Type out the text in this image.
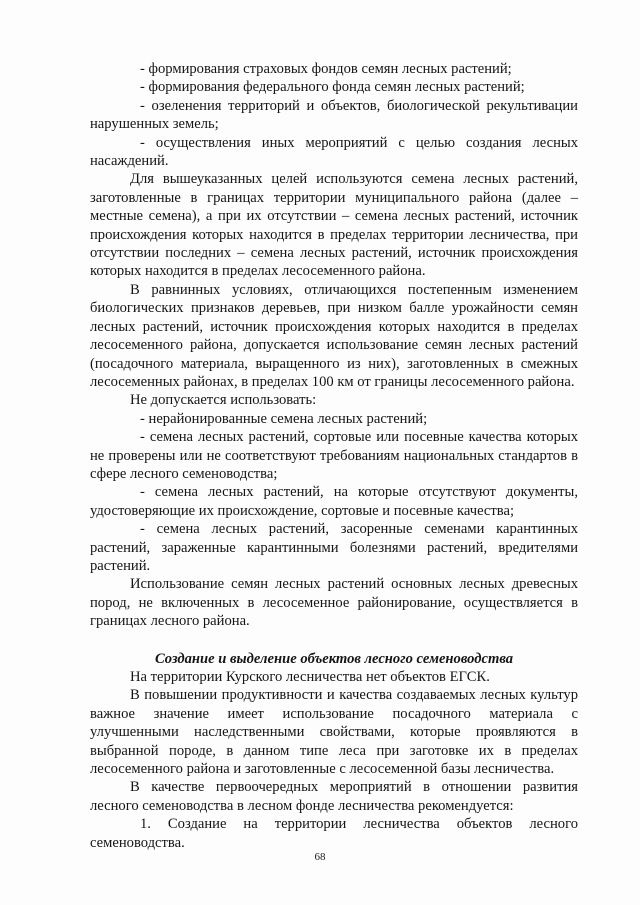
- формирования страховых фондов семян лесных растений;

- формирования федерального фонда семян лесных растений;

- озеленения территорий и объектов, биологической рекультивации нарушенных земель;

- осуществления иных мероприятий с целью создания лесных насаждений.

Для вышеуказанных целей используются семена лесных растений, заготовленные в границах территории муниципального района (далее – местные семена), а при их отсутствии – семена лесных растений, источник происхождения которых находится в пределах территории лесничества, при отсутствии последних – семена лесных растений, источник происхождения которых находится в пределах лесосеменного района.

В равнинных условиях, отличающихся постепенным изменением биологических признаков деревьев, при низком балле урожайности семян лесных растений, источник происхождения которых находится в пределах лесосеменного района, допускается использование семян лесных растений (посадочного материала, выращенного из них), заготовленных в смежных лесосеменных районах, в пределах 100 км от границы лесосеменного района.

Не допускается использовать:

- нерайонированные семена лесных растений;

- семена лесных растений, сортовые или посевные качества которых не проверены или не соответствуют требованиям национальных стандартов в сфере лесного семеноводства;

- семена лесных растений, на которые отсутствуют документы, удостоверяющие их происхождение, сортовые и посевные качества;

- семена лесных растений, засоренные семенами карантинных растений, зараженные карантинными болезнями растений, вредителями растений.

Использование семян лесных растений основных лесных древесных пород, не включенных в лесосеменное районирование, осуществляется в границах лесного района.

Создание и выделение объектов лесного семеноводства

На территории Курского лесничества нет объектов ЕГСК.

В повышении продуктивности и качества создаваемых лесных культур важное значение имеет использование посадочного материала с улучшенными наследственными свойствами, которые проявляются в выбранной породе, в данном типе леса при заготовке их в пределах лесосеменного района и заготовленные с лесосеменной базы лесничества.

В качестве первоочередных мероприятий в отношении развития лесного семеноводства в лесном фонде лесничества рекомендуется:

1. Создание на территории лесничества объектов лесного семеноводства.

68
